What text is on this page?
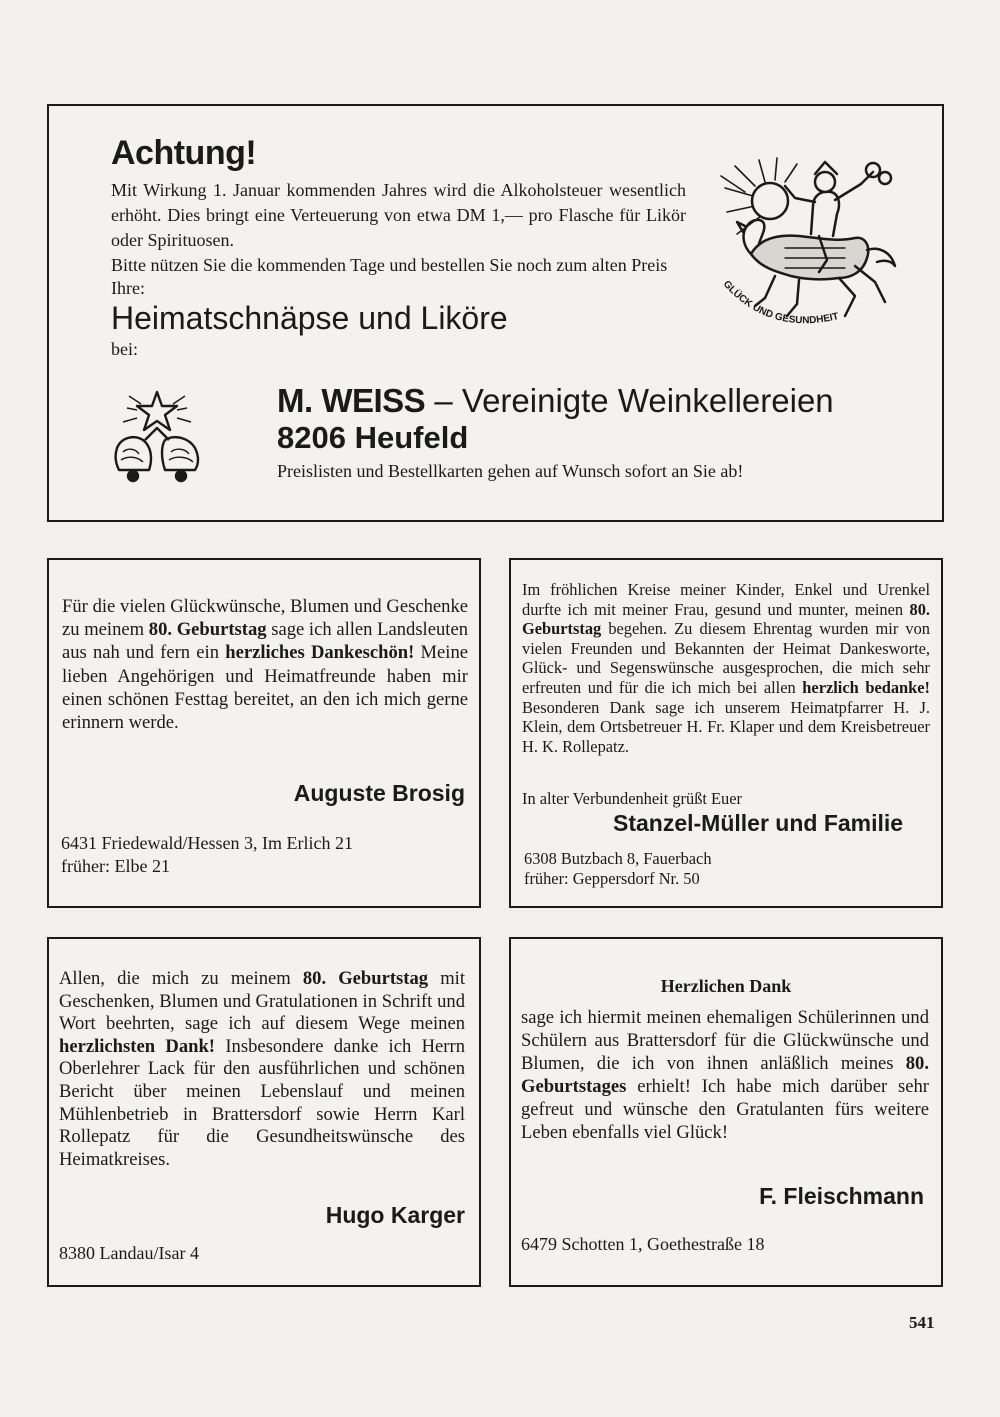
Achtung!
Mit Wirkung 1. Januar kommenden Jahres wird die Alkoholsteuer wesentlich erhöht. Dies bringt eine Verteuerung von etwa DM 1,— pro Flasche für Likör oder Spirituosen.
Bitte nützen Sie die kommenden Tage und bestellen Sie noch zum alten Preis Ihre:
Heimatschnäpse und Liköre
bei:
GLÜCK UND GESUNDHEIT
M. WEISS – Vereinigte Weinkellereien
8206 Heufeld
Preislisten und Bestellkarten gehen auf Wunsch sofort an Sie ab!
Für die vielen Glückwünsche, Blumen und Geschenke zu meinem 80. Geburtstag sage ich allen Landsleuten aus nah und fern ein herzliches Dankeschön! Meine lieben Angehörigen und Heimatfreunde haben mir einen schönen Festtag bereitet, an den ich mich gerne erinnern werde.
Auguste Brosig
6431 Friedewald/Hessen 3, Im Erlich 21
früher: Elbe 21
Im fröhlichen Kreise meiner Kinder, Enkel und Urenkel durfte ich mit meiner Frau, gesund und munter, meinen 80. Geburtstag begehen. Zu diesem Ehrentag wurden mir von vielen Freunden und Bekannten der Heimat Dankesworte, Glück- und Segenswünsche ausgesprochen, die mich sehr erfreuten und für die ich mich bei allen herzlich bedanke! Besonderen Dank sage ich unserem Heimatpfarrer H. J. Klein, dem Ortsbetreuer H. Fr. Klaper und dem Kreisbetreuer H. K. Rollepatz.
In alter Verbundenheit grüßt Euer
Stanzel-Müller und Familie
6308 Butzbach 8, Fauerbach
früher: Geppersdorf Nr. 50
Allen, die mich zu meinem 80. Geburtstag mit Geschenken, Blumen und Gratulationen in Schrift und Wort beehrten, sage ich auf diesem Wege meinen herzlichsten Dank! Insbesondere danke ich Herrn Oberlehrer Lack für den ausführlichen und schönen Bericht über meinen Lebenslauf und meinen Mühlenbetrieb in Brattersdorf sowie Herrn Karl Rollepatz für die Gesundheitswünsche des Heimatkreises.
Hugo Karger
8380 Landau/Isar 4
Herzlichen Dank
sage ich hiermit meinen ehemaligen Schülerinnen und Schülern aus Brattersdorf für die Glückwünsche und Blumen, die ich von ihnen anläßlich meines 80. Geburtstages erhielt! Ich habe mich darüber sehr gefreut und wünsche den Gratulanten fürs weitere Leben ebenfalls viel Glück!
F. Fleischmann
6479 Schotten 1, Goethestraße 18
541
